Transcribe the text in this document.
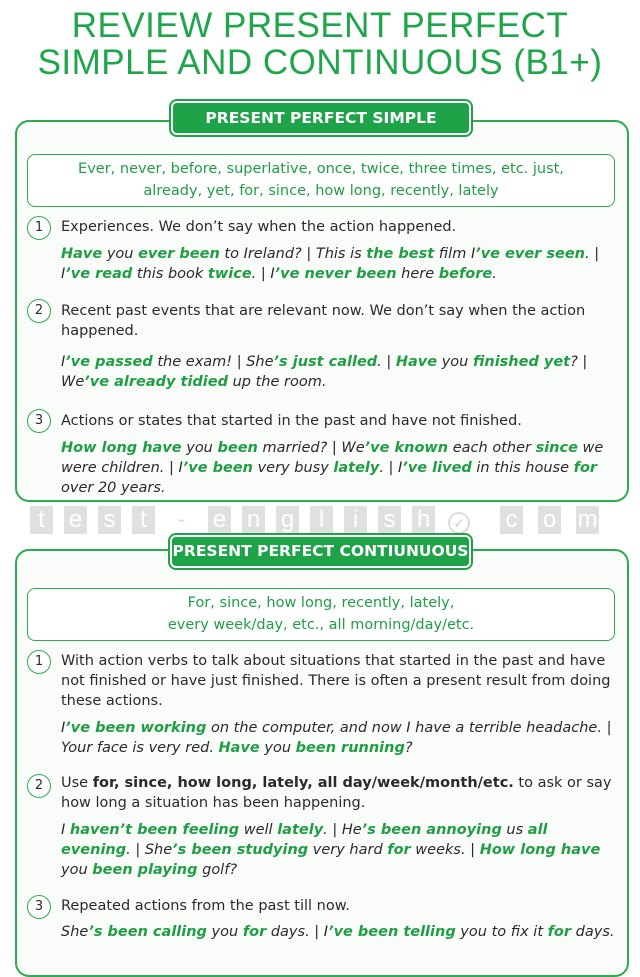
REVIEW PRESENT PERFECT
SIMPLE AND CONTINUOUS (B1+)
PRESENT PERFECT SIMPLE
Ever, never, before, superlative, once, twice, three times, etc. just,
already, yet, for, since, how long, recently, lately
1	Experiences. We don’t say when the action happened.
Have you ever been to Ireland? | This is the best film I’ve ever seen. | I’ve read this book twice. | I’ve never been here before.
2	Recent past events that are relevant now. We don’t say when the action happened.
I’ve passed the exam! | She’s just called. | Have you finished yet? | We’ve already tidied up the room.
3	Actions or states that started in the past and have not finished.
How long have you been married? | We’ve known each other since we were children. | I’ve been very busy lately. | I’ve lived in this house for over 20 years.
t e s	t	-	e n g	l	i	s h	✓ c o m
PRESENT PERFECT CONTIUNUOUS
For, since, how long, recently, lately,
every week/day, etc., all morning/day/etc.
1	With action verbs to talk about situations that started in the past and have not finished or have just finished. There is often a present result from doing these actions.
I’ve been working on the computer, and now I have a terrible headache. | Your face is very red. Have you been running?
2	Use for, since, how long, lately, all day/week/month/etc. to ask or say how long a situation has been happening.
I haven’t been feeling well lately. | He’s been annoying us all evening. | She’s been studying very hard for weeks. | How long have you been playing golf?
3	Repeated actions from the past till now.
She’s been calling you for days. | I’ve been telling you to fix it for days.
